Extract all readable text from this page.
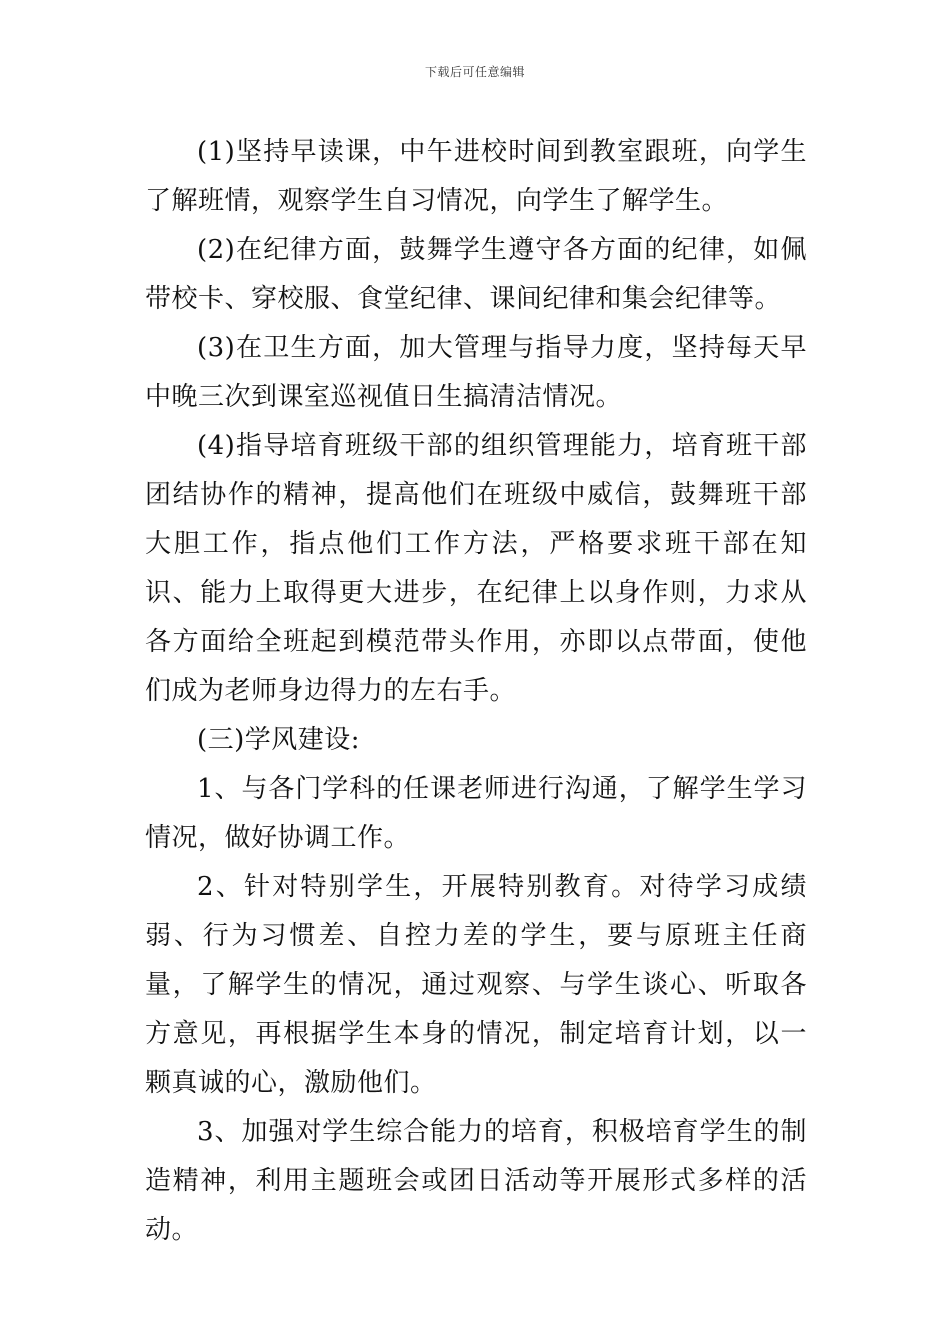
下载后可任意编辑

(1)坚持早读课，中午进校时间到教室跟班，向学生了解班情，观察学生自习情况，向学生了解学生。

(2)在纪律方面，鼓舞学生遵守各方面的纪律，如佩带校卡、穿校服、食堂纪律、课间纪律和集会纪律等。

(3)在卫生方面，加大管理与指导力度，坚持每天早中晚三次到课室巡视值日生搞清洁情况。

(4)指导培育班级干部的组织管理能力，培育班干部团结协作的精神，提高他们在班级中威信，鼓舞班干部大胆工作，指点他们工作方法，严格要求班干部在知识、能力上取得更大进步，在纪律上以身作则，力求从各方面给全班起到模范带头作用，亦即以点带面，使他们成为老师身边得力的左右手。

(三)学风建设:

1、与各门学科的任课老师进行沟通，了解学生学习情况，做好协调工作。

2、针对特别学生，开展特别教育。对待学习成绩弱、行为习惯差、自控力差的学生，要与原班主任商量，了解学生的情况，通过观察、与学生谈心、听取各方意见，再根据学生本身的情况，制定培育计划，以一颗真诚的心，激励他们。

3、加强对学生综合能力的培育，积极培育学生的制造精神，利用主题班会或团日活动等开展形式多样的活动。
